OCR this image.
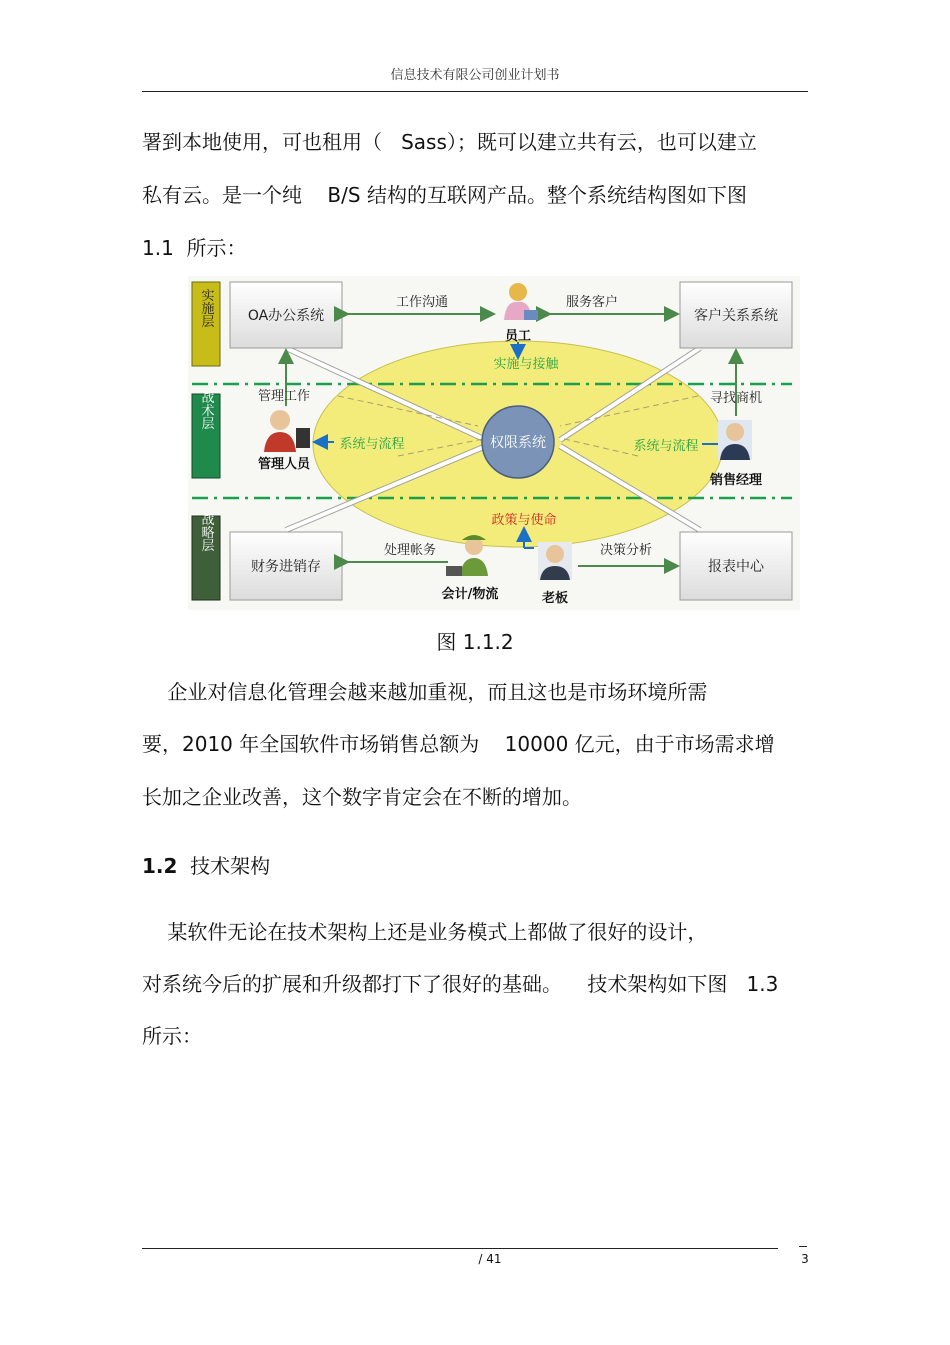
信息技术有限公司创业计划书
署到本地使用，可也租用（   Sass）；既可以建立共有云，也可以建立
私有云。是一个纯    B/S 结构的互联网产品。整个系统结构图如下图
1.1  所示：
实施层
战术层
战略层
OA办公系统	客户关系系统
财务进销存	报表中心
权限系统
工作沟通	服务客户
员工
实施与接触
管理工作	寻找商机
管理人员
系统与流程
销售经理
系统与流程
政策与使命
处理帐务	决策分析
会计/物流	老板
图 1.1.2
企业对信息化管理会越来越加重视，而且这也是市场环境所需
要，2010 年全国软件市场销售总额为    10000 亿元，由于市场需求增
长加之企业改善，这个数字肯定会在不断的增加。
1.2 技术架构
某软件无论在技术架构上还是业务模式上都做了很好的设计，
对系统今后的扩展和升级都打下了很好的基础。    技术架构如下图   1.3
所示：
/ 41	3
